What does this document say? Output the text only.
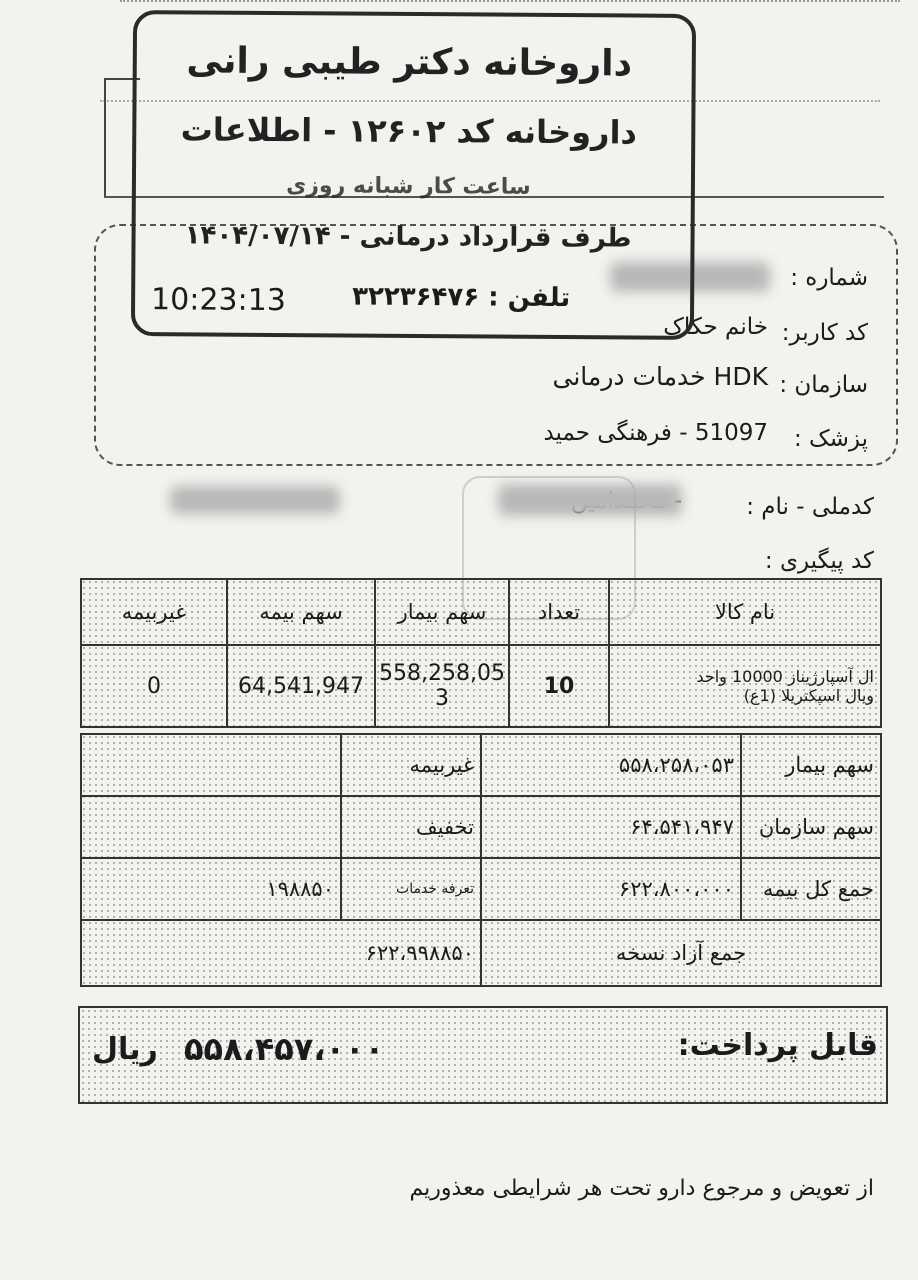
شماره :
کد کاربر:
خانم حکاک
سازمان :
HDK خدمات درمانی
پزشک :
51097 - فرهنگی حمید
داروخانه دکتر طیبی رانی
داروخانه کد ۱۲۶۰۲ - اطلاعات
ساعت کار شبانه روزی
۱۴۰۴/۰۷/۱۴ - طرف قرارداد درمانی
10:23:13	تلفن : ۳۲۲۳۶۴۷۶
کدملی - نام :
کد پیگیری :
نام کالا	تعداد	سهم بیمار	سهم بیمه	غیربیمه

ال آسپارژیناز 10000 واحد
ویال اسپکتریلا (1ع)	10	558,258,053	64,541,947	0
	غیربیمه	۵۵۸،۲۵۸،۰۵۳	سهم بیمار
	تخفیف	۶۴،۵۴۱،۹۴۷	سهم سازمان
۱۹۸۸۵۰	تعرفه خدمات	۶۲۲،۸۰۰،۰۰۰	جمع کل بیمه
۶۲۲،۹۹۸۸۵۰		جمع آزاد نسخه	
قابل پرداخت:
۵۵۸،۴۵۷،۰۰۰
ریال
از تعویض و مرجوع دارو تحت هر شرایطی معذوریم
